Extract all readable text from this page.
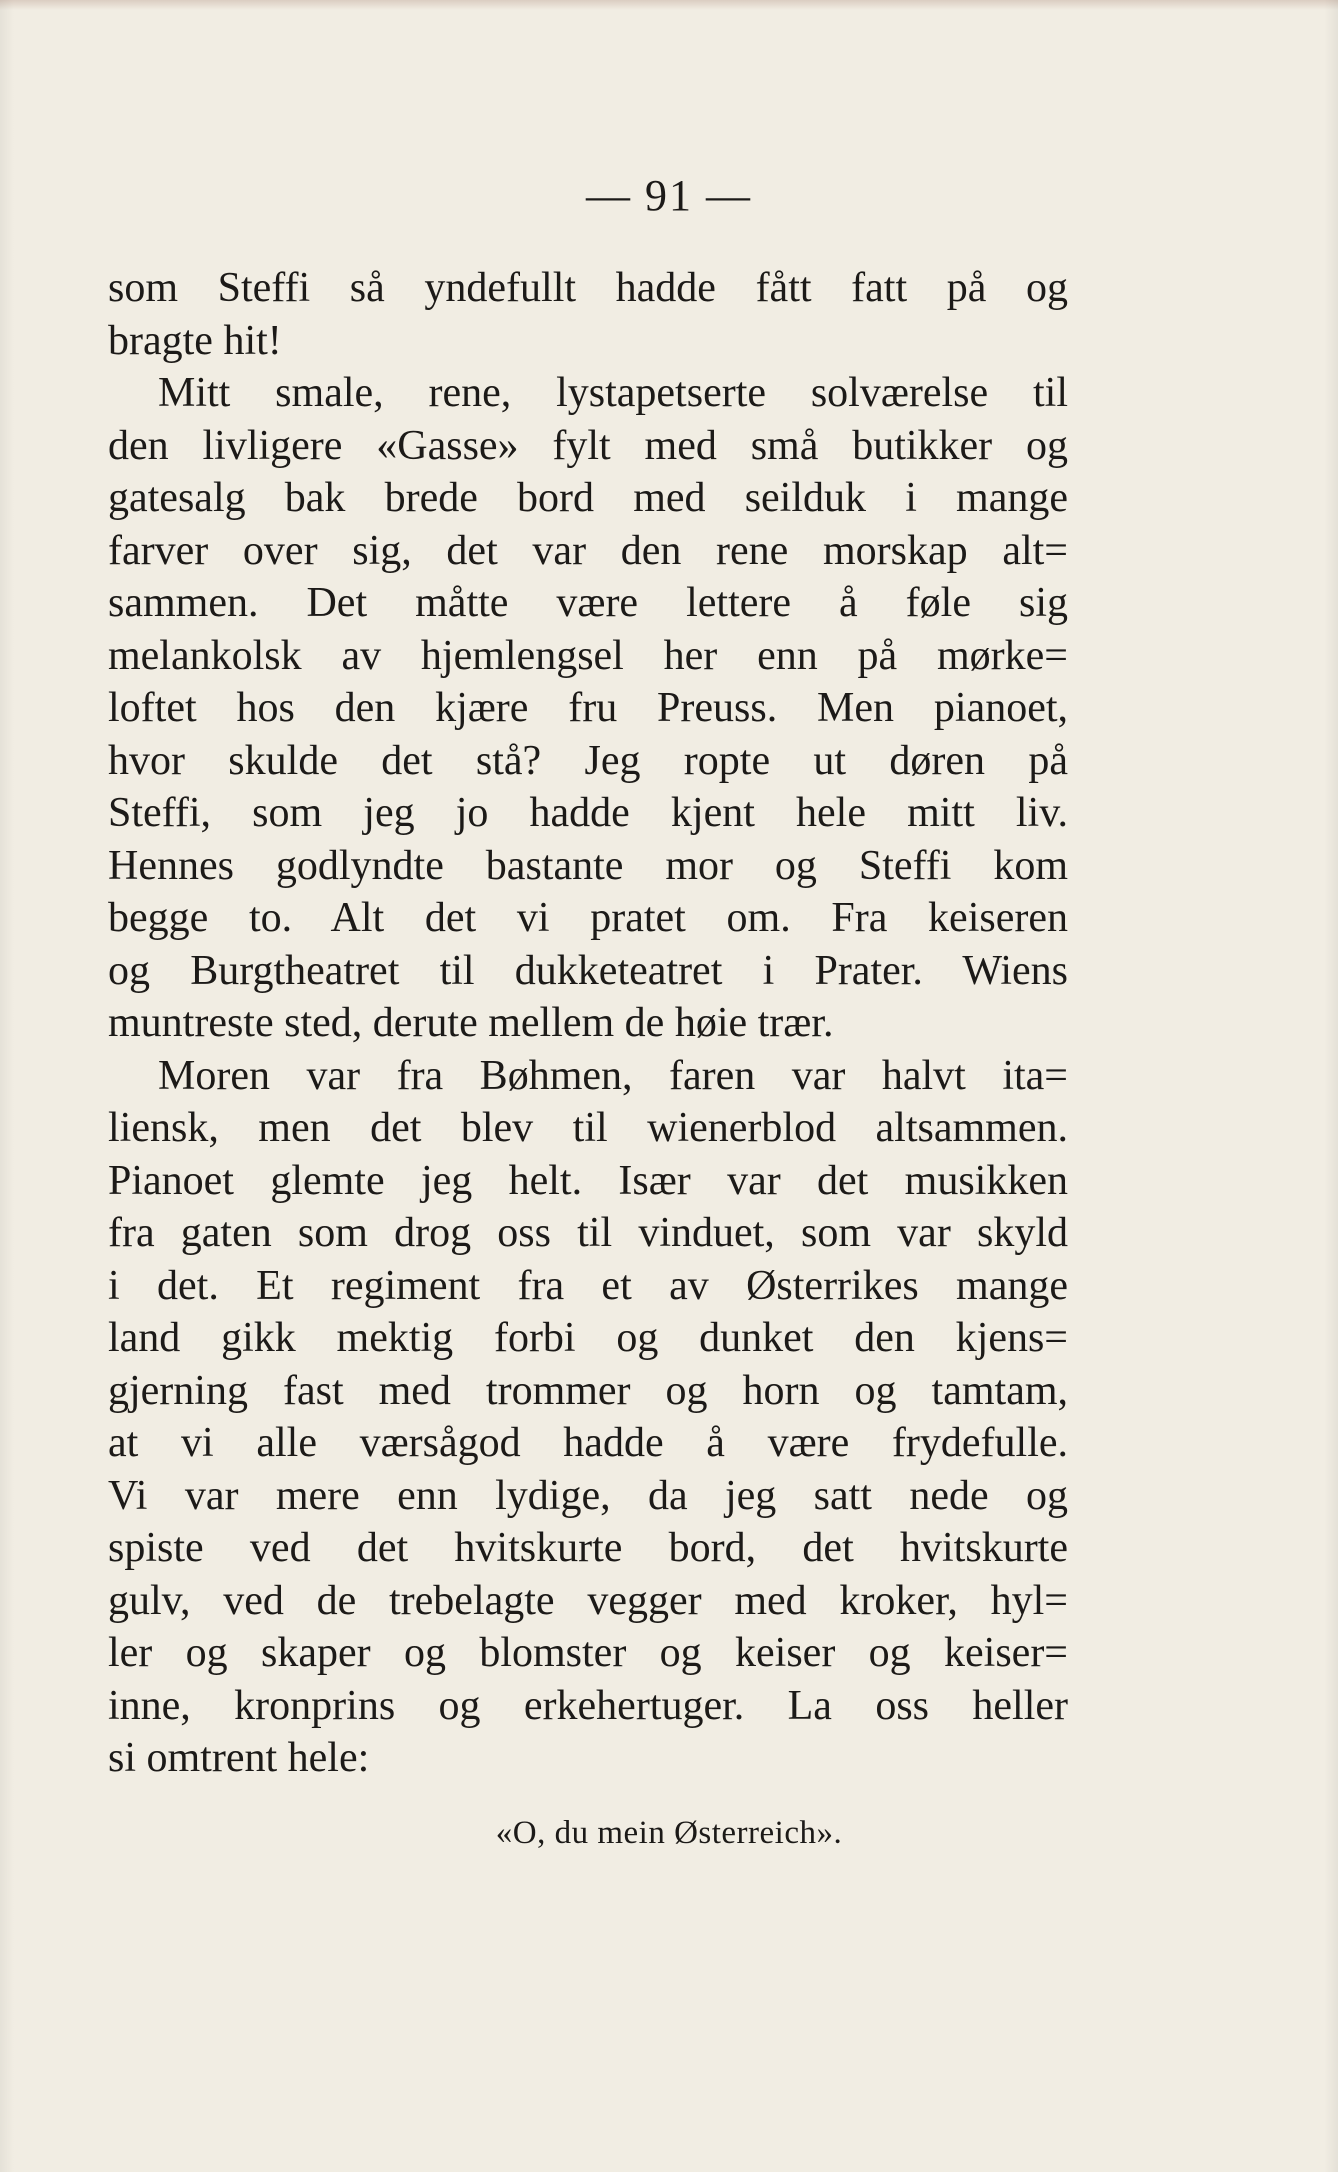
— 91 —
som Steffi så yndefullt hadde fått fatt på og
bragte hit!
Mitt smale, rene, lystapetserte solværelse til
den livligere «Gasse» fylt med små butikker og
gatesalg bak brede bord med seilduk i mange
farver over sig, det var den rene morskap alt=
sammen. Det måtte være lettere å føle sig
melankolsk av hjemlengsel her enn på mørke=
loftet hos den kjære fru Preuss. Men pianoet,
hvor skulde det stå? Jeg ropte ut døren på
Steffi, som jeg jo hadde kjent hele mitt liv.
Hennes godlyndte bastante mor og Steffi kom
begge to. Alt det vi pratet om. Fra keiseren
og Burgtheatret til dukketeatret i Prater. Wiens
muntreste sted, derute mellem de høie trær.
Moren var fra Bøhmen, faren var halvt ita=
liensk, men det blev til wienerblod altsammen.
Pianoet glemte jeg helt. Især var det musikken
fra gaten som drog oss til vinduet, som var skyld
i det. Et regiment fra et av Østerrikes mange
land gikk mektig forbi og dunket den kjens=
gjerning fast med trommer og horn og tamtam,
at vi alle værsågod hadde å være frydefulle.
Vi var mere enn lydige, da jeg satt nede og
spiste ved det hvitskurte bord, det hvitskurte
gulv, ved de trebelagte vegger med kroker, hyl=
ler og skaper og blomster og keiser og keiser=
inne, kronprins og erkehertuger. La oss heller
si omtrent hele:
«O, du mein Østerreich».
